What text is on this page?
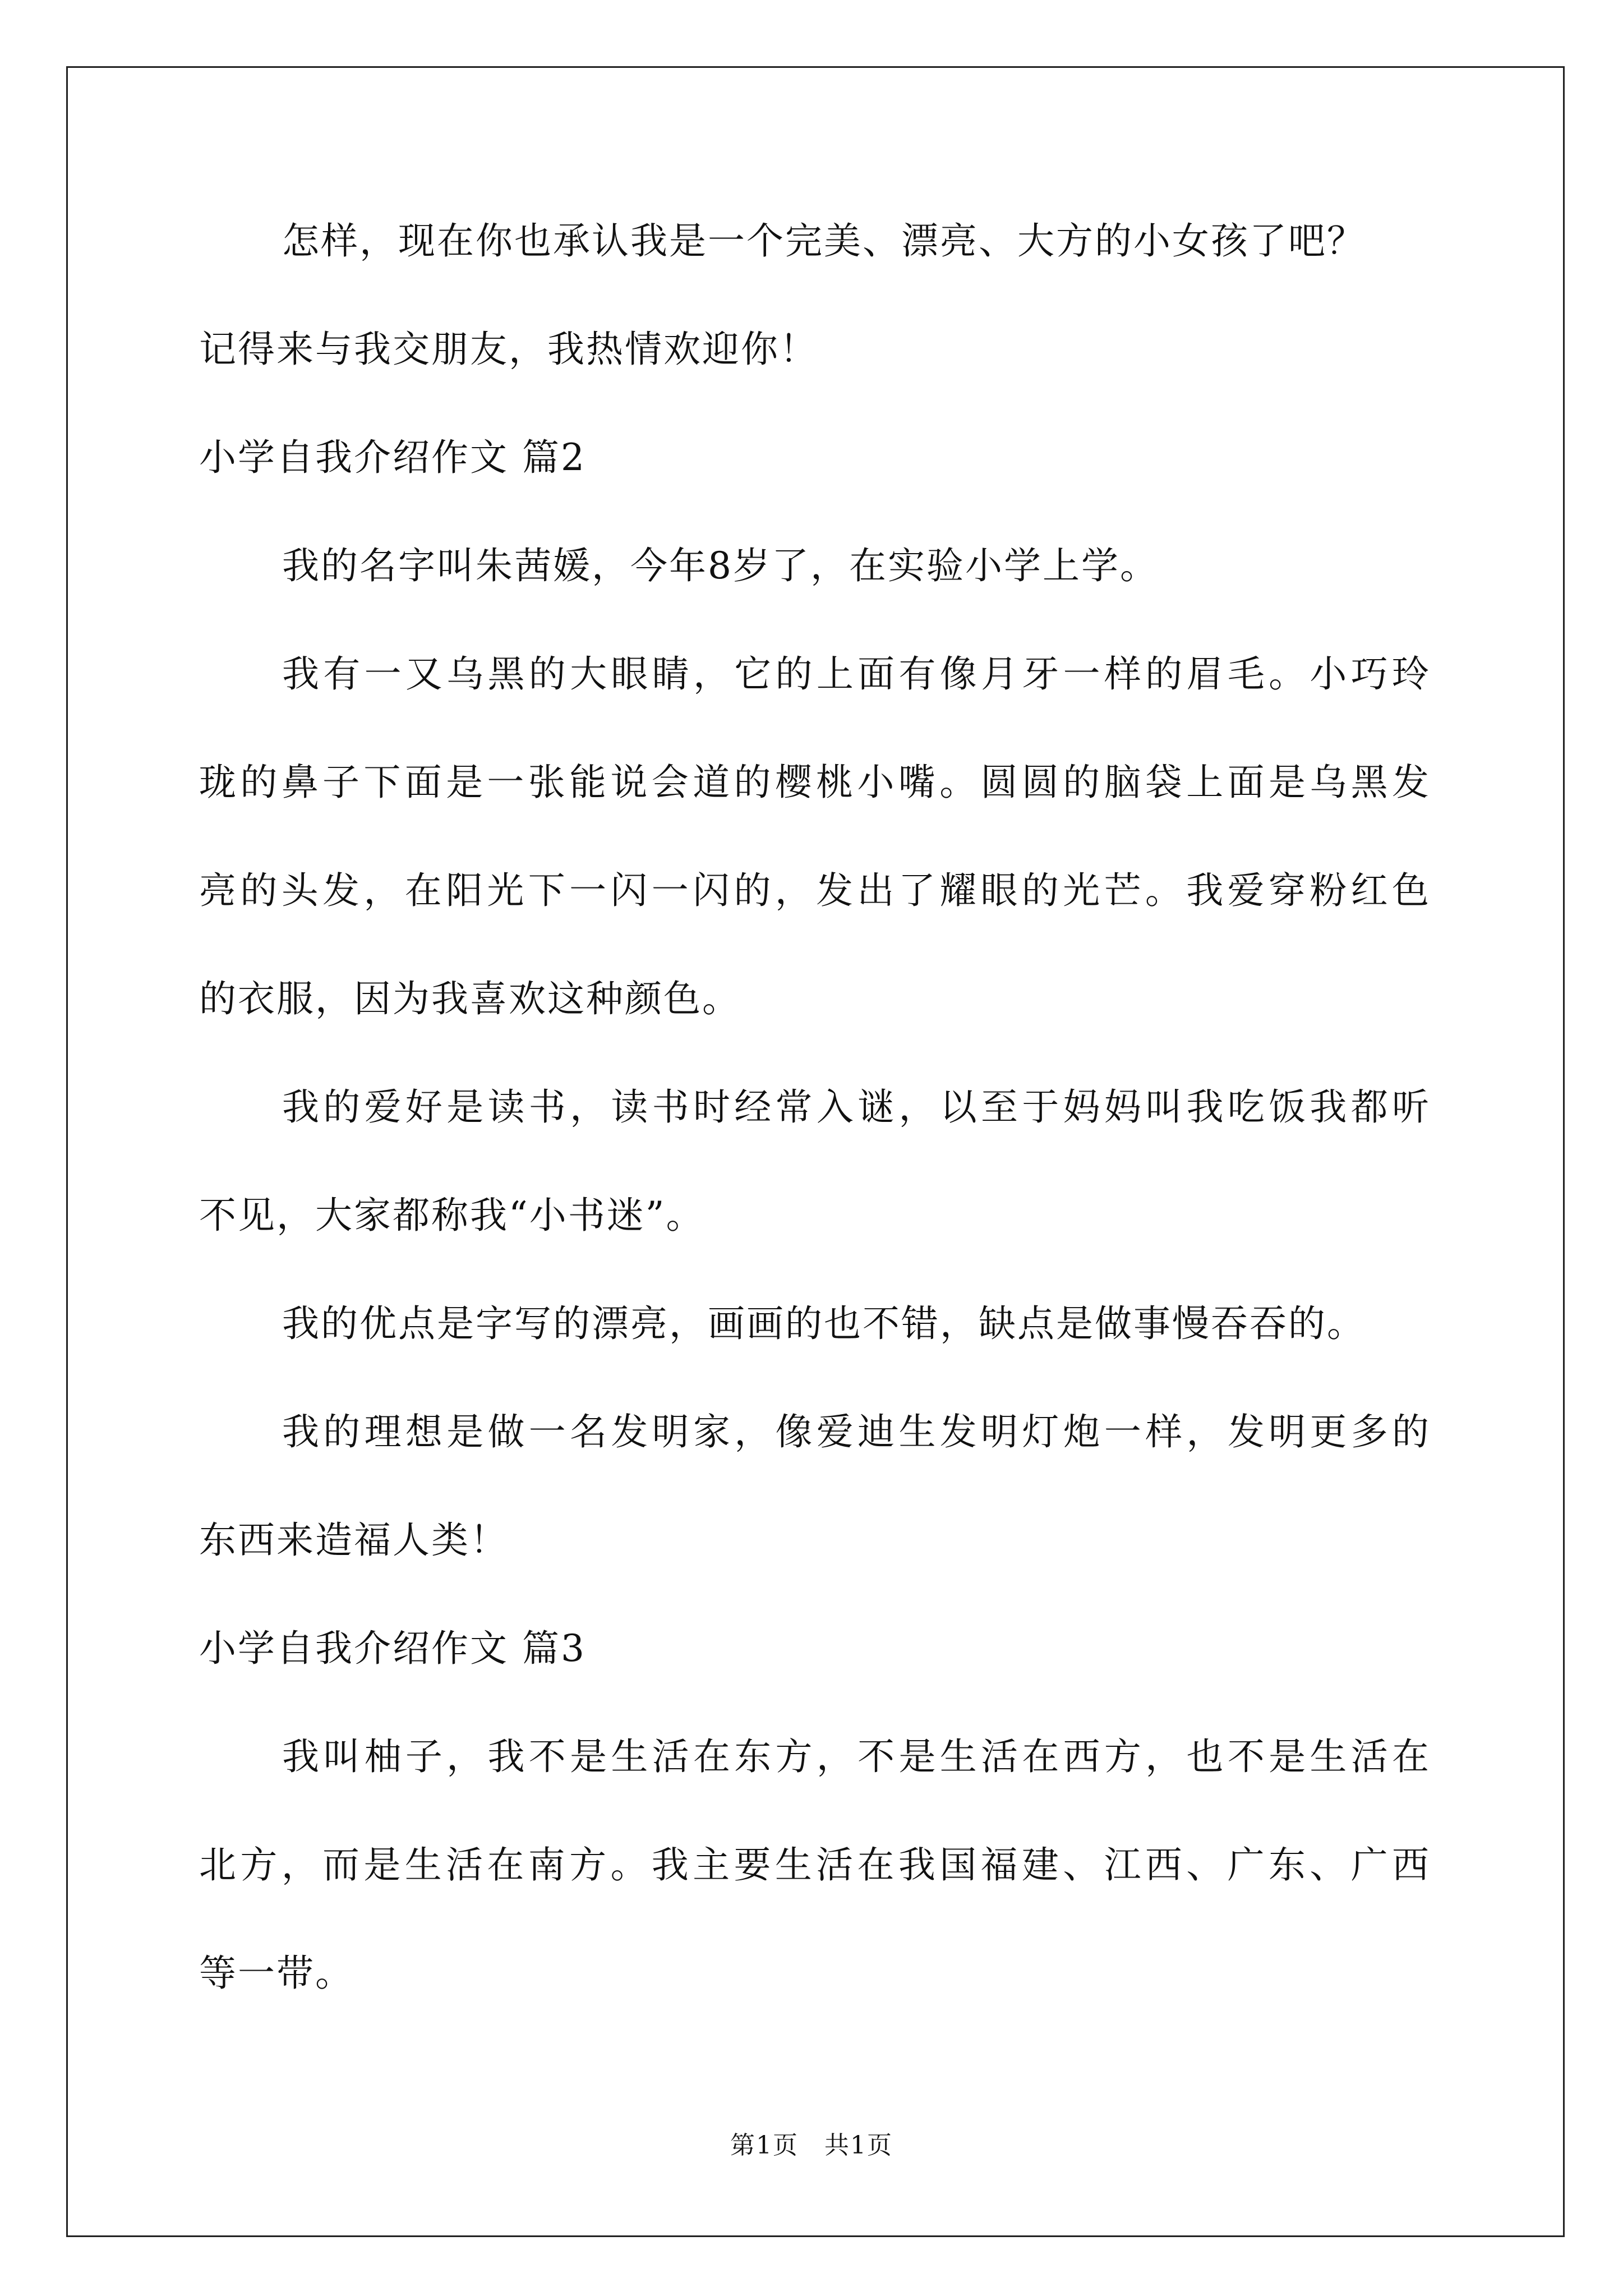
怎样，现在你也承认我是一个完美、漂亮、大方的小女孩了吧？
记得来与我交朋友，我热情欢迎你！
小学自我介绍作文 篇2
我的名字叫朱茜媛，今年8岁了，在实验小学上学。
我有一又乌黑的大眼睛，它的上面有像月牙一样的眉毛。小巧玲
珑的鼻子下面是一张能说会道的樱桃小嘴。圆圆的脑袋上面是乌黑发
亮的头发，在阳光下一闪一闪的，发出了耀眼的光芒。我爱穿粉红色
的衣服，因为我喜欢这种颜色。
我的爱好是读书，读书时经常入谜，以至于妈妈叫我吃饭我都听
不见，大家都称我“小书迷”。
我的优点是字写的漂亮，画画的也不错，缺点是做事慢吞吞的。
我的理想是做一名发明家，像爱迪生发明灯炮一样，发明更多的
东西来造福人类！
小学自我介绍作文 篇3
我叫柚子，我不是生活在东方，不是生活在西方，也不是生活在
北方，而是生活在南方。我主要生活在我国福建、江西、广东、广西
等一带。
第1页　共1页
